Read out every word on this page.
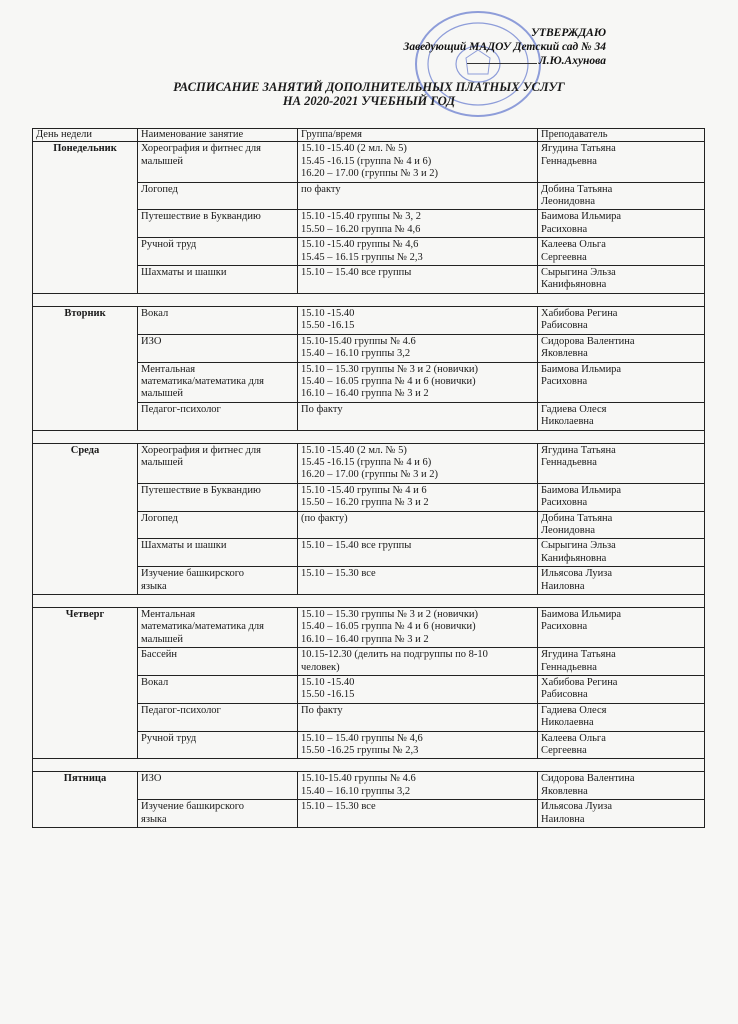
УТВЕРЖДАЮ
Заведующий МАДОУ Детский сад № 34
Л.Ю.Ахунова
РАСПИСАНИЕ ЗАНЯТИЙ ДОПОЛНИТЕЛЬНЫХ ПЛАТНЫХ УСЛУГ
НА 2020-2021 УЧЕБНЫЙ ГОД
День недели	Наименование занятие	Группа/время	Преподаватель
Понедельник	Хореография и фитнес для
малышей	15.10 -15.40 (2 мл. № 5)
15.45 -16.15 (группа № 4 и 6)
16.20 – 17.00 (группы № 3 и 2)	Ягудина Татьяна
Геннадьевна
	Логопед	по факту	Добина Татьяна
Леонидовна
	Путешествие в Буквандию	15.10 -15.40 группы № 3, 2
15.50 – 16.20 группа № 4,6	Баимова Ильмира
Расиховна
	Ручной труд	15.10 -15.40 группы № 4,6
15.45 – 16.15 группы № 2,3	Калеева Ольга
Сергеевна
	Шахматы и шашки	15.10 – 15.40 все группы	Сырыгина Эльза
Канифьяновна

Вторник	Вокал	15.10 -15.40
15.50 -16.15	Хабибова Регина
Рабисовна
	ИЗО	15.10-15.40 группы № 4.6
15.40 – 16.10 группы 3,2	Сидорова Валентина
Яковлевна
	Ментальная
математика/математика для
малышей	15.10 – 15.30 группы № 3 и 2 (новички)
15.40 – 16.05 группа № 4 и 6 (новички)
16.10 – 16.40 группа № 3 и 2	Баимова Ильмира
Расиховна
	Педагог-психолог	По факту	Гадиева Олеся
Николаевна

Среда	Хореография и фитнес для
малышей	15.10 -15.40 (2 мл. № 5)
15.45 -16.15 (группа № 4 и 6)
16.20 – 17.00 (группы № 3 и 2)	Ягудина Татьяна
Геннадьевна
	Путешествие в Буквандию	15.10 -15.40 группы № 4 и 6
15.50 – 16.20 группа № 3 и 2	Баимова Ильмира
Расиховна
	Логопед	(по факту)	Добина Татьяна
Леонидовна
	Шахматы и шашки	15.10 – 15.40 все группы	Сырыгина Эльза
Канифьяновна
	Изучение башкирского
языка	15.10 – 15.30 все	Ильясова Луиза
Наиловна

Четверг	Ментальная
математика/математика для
малышей	15.10 – 15.30 группы № 3 и 2 (новички)
15.40 – 16.05 группа № 4 и 6 (новички)
16.10 – 16.40 группа № 3 и 2	Баимова Ильмира
Расиховна
	Бассейн	10.15-12.30 (делить на подгруппы по 8-10
человек)	Ягудина Татьяна
Геннадьевна
	Вокал	15.10 -15.40
15.50 -16.15	Хабибова Регина
Рабисовна
	Педагог-психолог	По факту	Гадиева Олеся
Николаевна
	Ручной труд	15.10 – 15.40 группы № 4,6
15.50 -16.25 группы № 2,3	Калеева Ольга
Сергеевна

Пятница	ИЗО	15.10-15.40 группы № 4.6
15.40 – 16.10 группы 3,2	Сидорова Валентина
Яковлевна
	Изучение башкирского
языка	15.10 – 15.30 все	Ильясова Луиза
Наиловна
